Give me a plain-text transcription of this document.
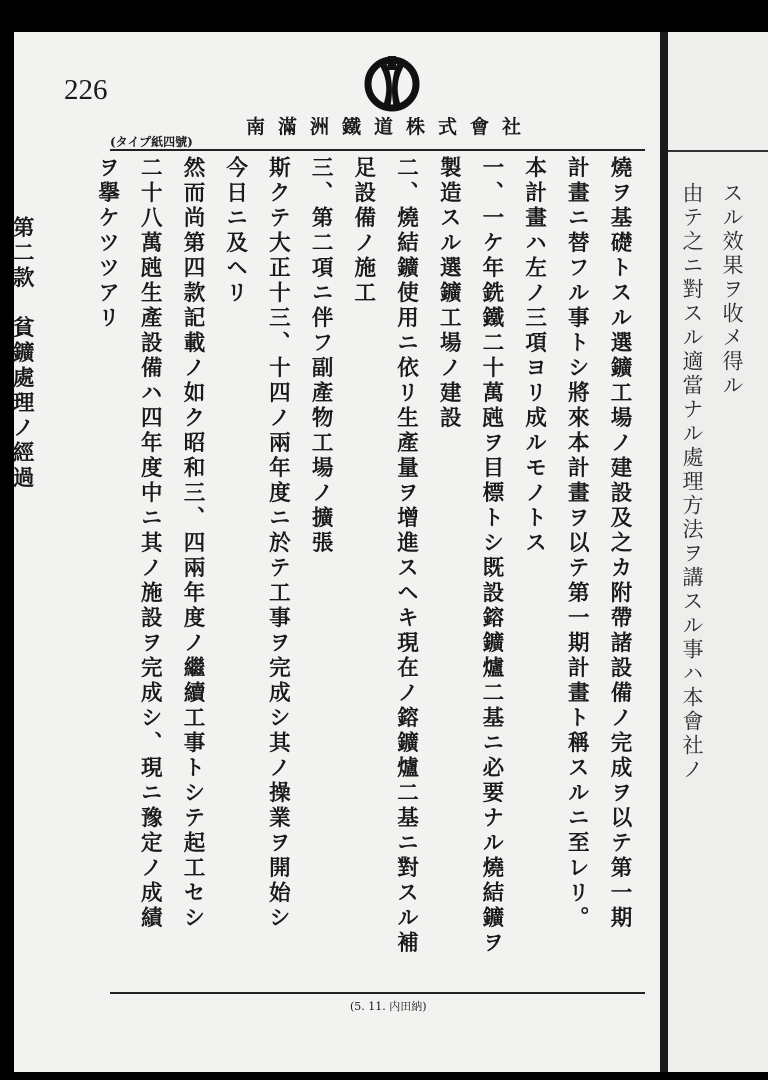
スル效果ヲ收メ得ル

由テ之ニ對スル適當ナル處理方法ヲ講スル事ハ本會社ノ

226
南滿洲鐵道株式會社
(タイプ紙四號)

燒ヲ基礎トスル選鑛工場ノ建設及之カ附帶諸設備ノ完成ヲ以テ第一期

計畫ニ替フル事トシ將來本計畫ヲ以テ第一期計畫ト稱スルニ至レリ。

本計畫ハ左ノ三項ヨリ成ルモノトス

一、一ケ年銑鐵二十萬瓲ヲ目標トシ既設鎔鑛爐二基ニ必要ナル燒結鑛ヲ

製造スル選鑛工場ノ建設

二、燒結鑛使用ニ依リ生產量ヲ增進スヘキ現在ノ鎔鑛爐二基ニ對スル補

足設備ノ施工

三、第二項ニ伴フ副產物工場ノ擴張

斯クテ大正十三、十四ノ兩年度ニ於テ工事ヲ完成シ其ノ操業ヲ開始シ

今日ニ及ヘリ

然而尚第四款記載ノ如ク昭和三、四兩年度ノ繼續工事トシテ起工セシ

二十八萬瓲生產設備ハ四年度中ニ其ノ施設ヲ完成シ、現ニ豫定ノ成績

ヲ擧ケツツアリ

第二款　貧鑛處理ノ經過

(5. 11. 内田納)
